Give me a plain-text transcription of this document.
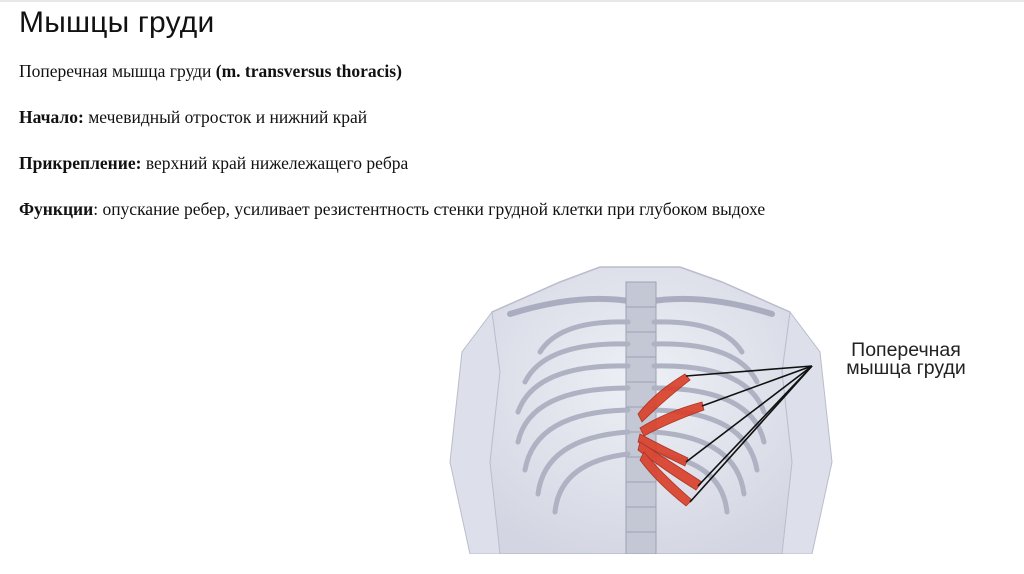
Мышцы груди
Поперечная мышца груди (m. transversus thoracis)
Начало: мечевидный отросток и нижний край
Прикрепление: верхний край нижележащего ребра
Функции: опускание ребер, усиливает резистентность стенки грудной клетки при глубоком выдохе
Поперечная
мышца груди
